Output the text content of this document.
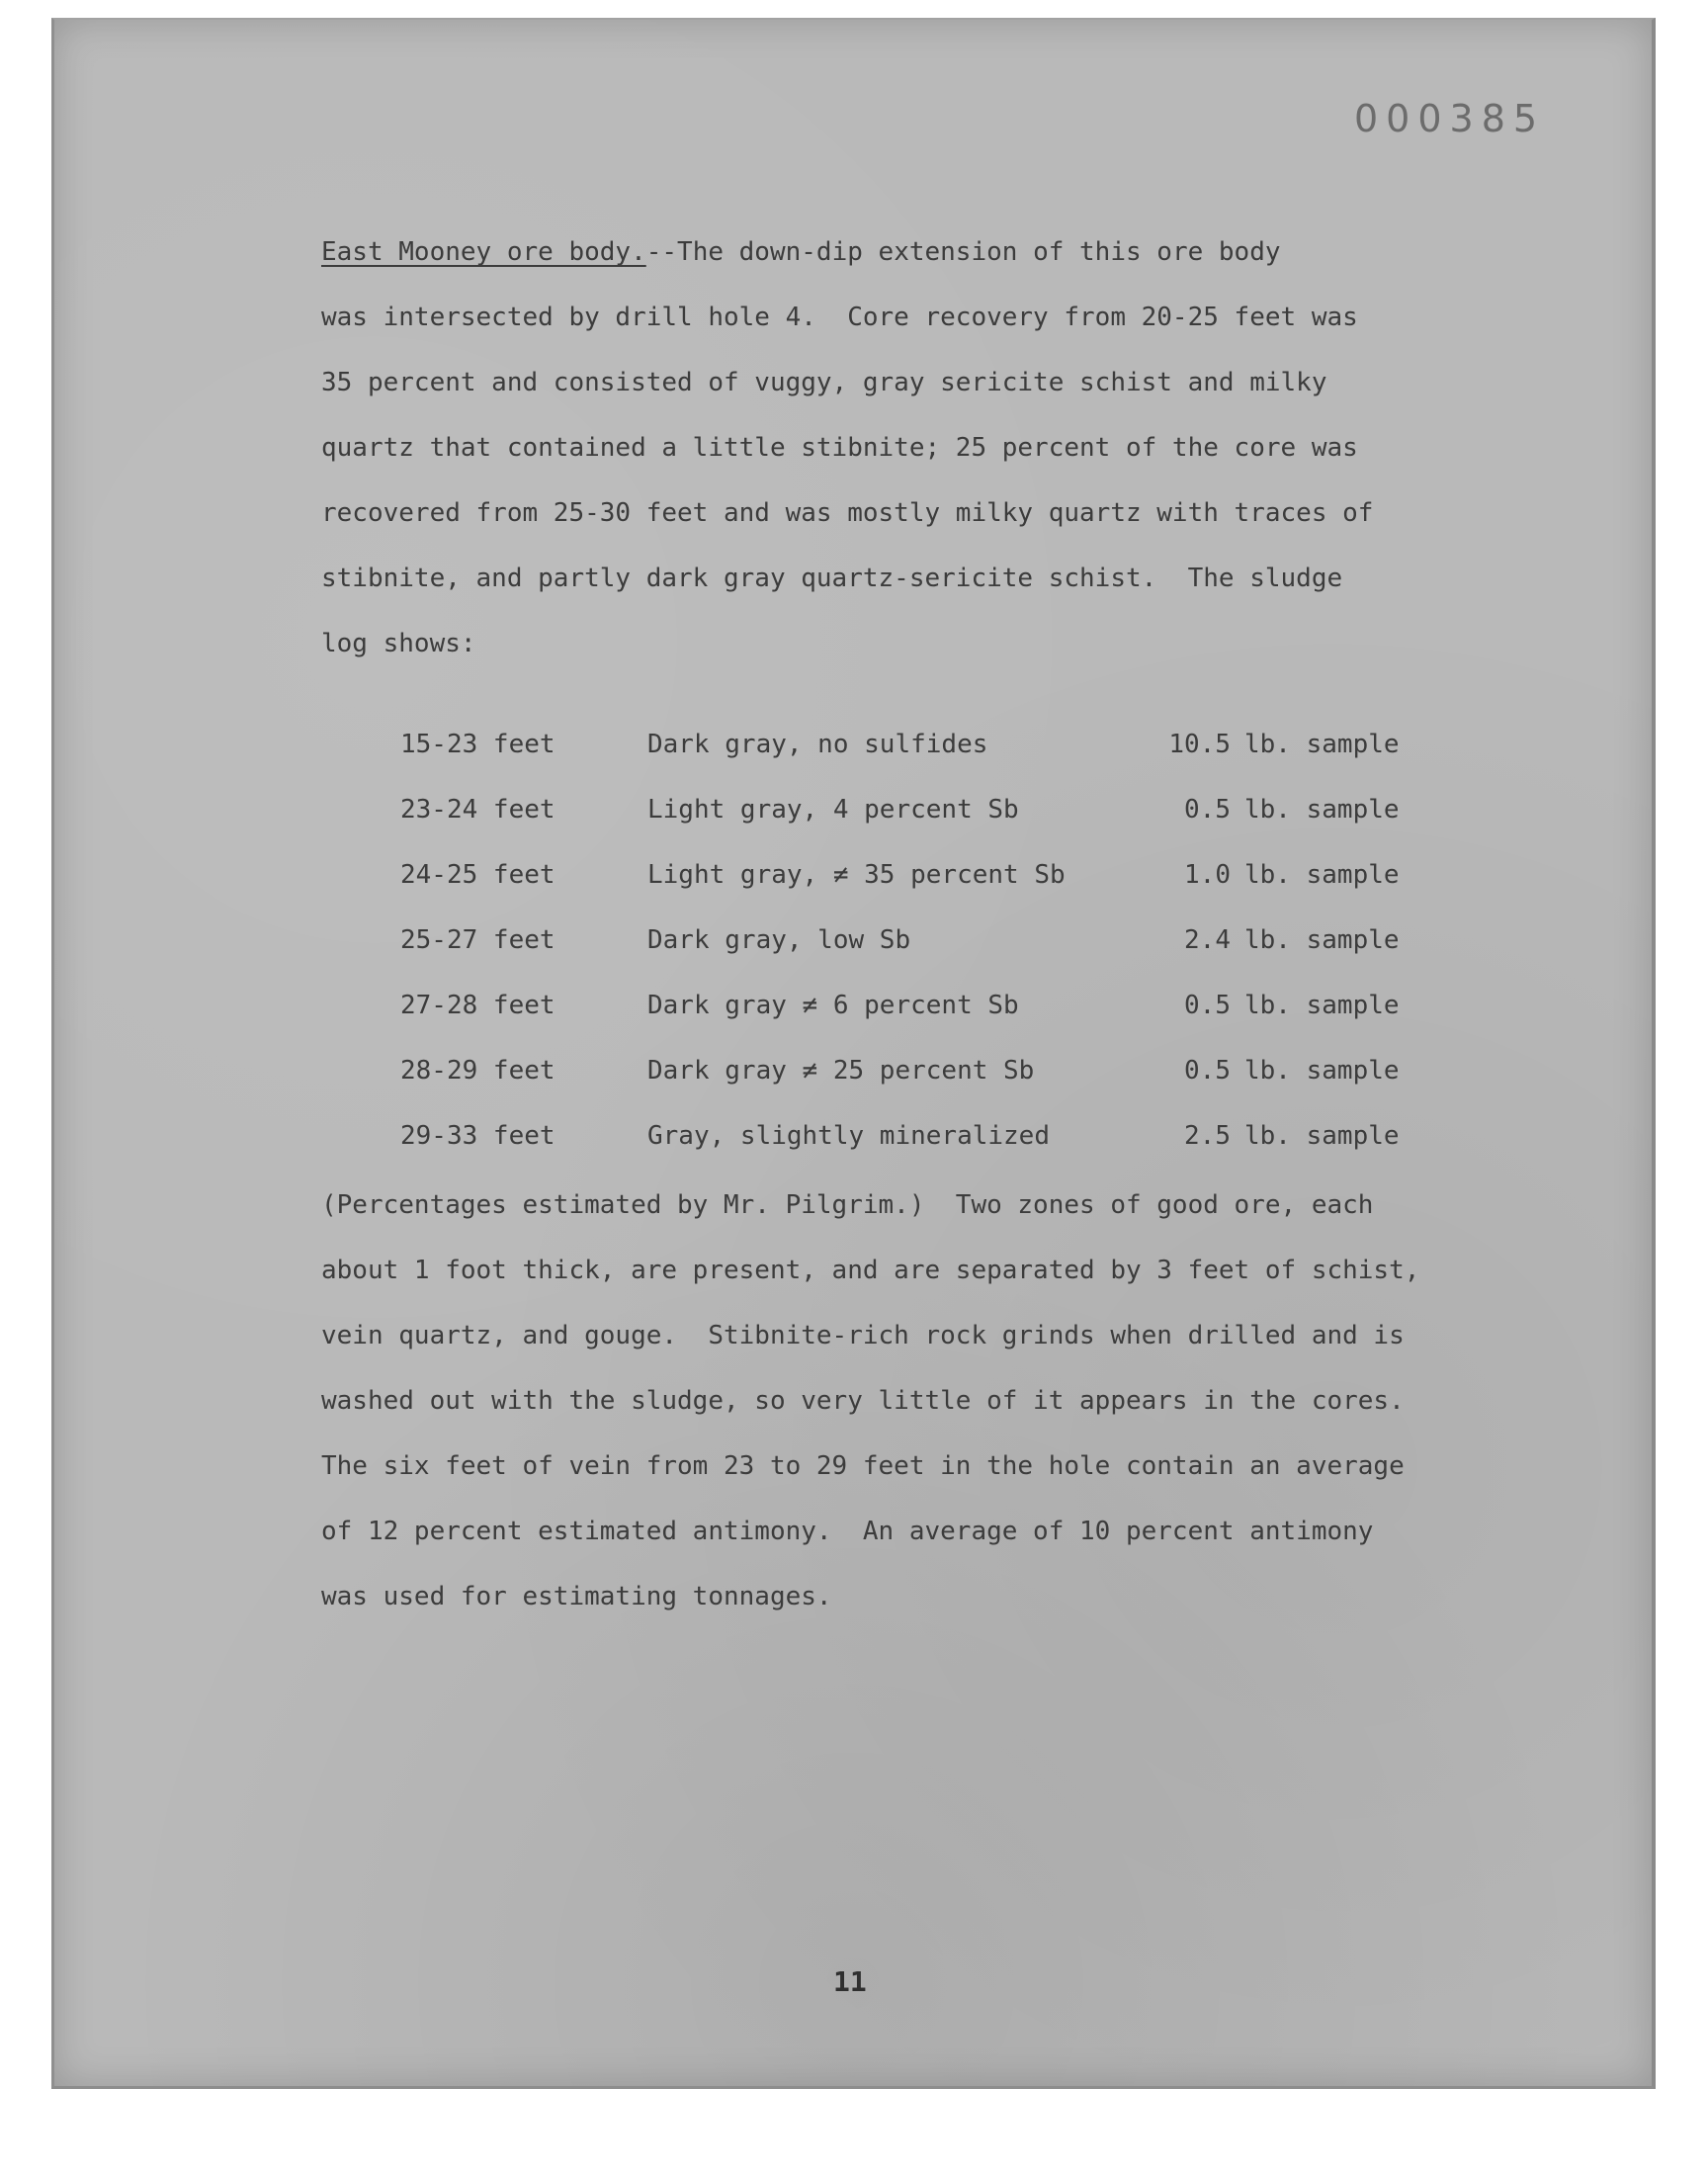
000385
East Mooney ore body.--The down-dip extension of this ore body
was intersected by drill hole 4.  Core recovery from 20-25 feet was
35 percent and consisted of vuggy, gray sericite schist and milky
quartz that contained a little stibnite; 25 percent of the core was
recovered from 25-30 feet and was mostly milky quartz with traces of
stibnite, and partly dark gray quartz-sericite schist.  The sludge
log shows:
15-23 feet	Dark gray, no sulfides	10.5	lb. sample
23-24 feet	Light gray, 4 percent Sb	0.5	lb. sample
24-25 feet	Light gray, ≠ 35 percent Sb	1.0	lb. sample
25-27 feet	Dark gray, low Sb	2.4	lb. sample
27-28 feet	Dark gray ≠ 6 percent Sb	0.5	lb. sample
28-29 feet	Dark gray ≠ 25 percent Sb	0.5	lb. sample
29-33 feet	Gray, slightly mineralized	2.5	lb. sample
(Percentages estimated by Mr. Pilgrim.)  Two zones of good ore, each
about 1 foot thick, are present, and are separated by 3 feet of schist,
vein quartz, and gouge.  Stibnite-rich rock grinds when drilled and is
washed out with the sludge, so very little of it appears in the cores.
The six feet of vein from 23 to 29 feet in the hole contain an average
of 12 percent estimated antimony.  An average of 10 percent antimony
was used for estimating tonnages.
11
